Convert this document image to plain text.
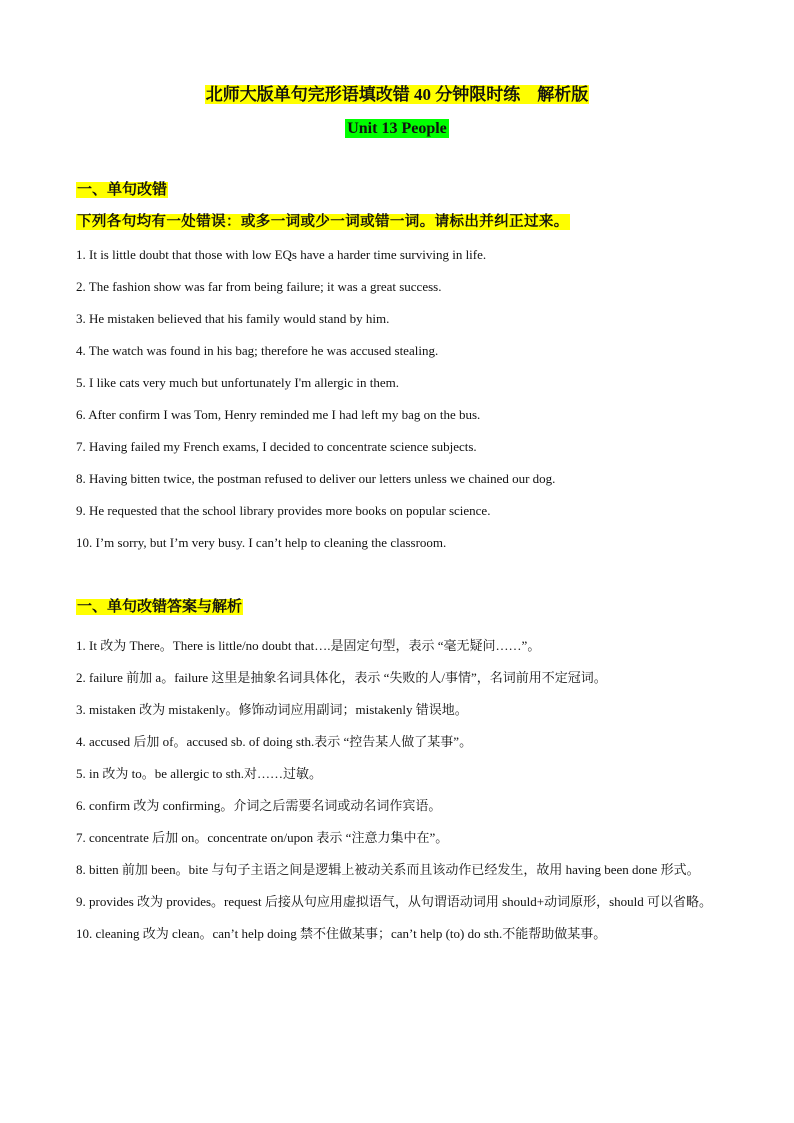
北师大版单句完形语填改错 40 分钟限时练　解析版
Unit 13 People
一、单句改错
下列各句均有一处错误：或多一词或少一词或错一词。请标出并纠正过来。
1. It is little doubt that those with low EQs have a harder time surviving in life.
2. The fashion show was far from being failure; it was a great success.
3. He mistaken believed that his family would stand by him.
4. The watch was found in his bag; therefore he was accused stealing.
5. I like cats very much but unfortunately I'm allergic in them.
6. After confirm I was Tom, Henry reminded me I had left my bag on the bus.
7. Having failed my French exams, I decided to concentrate science subjects.
8. Having bitten twice, the postman refused to deliver our letters unless we chained our dog.
9. He requested that the school library provides more books on popular science.
10. I’m sorry, but I’m very busy. I can’t help to cleaning the classroom.
一、单句改错答案与解析
1. It 改为 There。There is little/no doubt that….是固定句型，表示 “毫无疑问……”。
2. failure 前加 a。failure 这里是抽象名词具体化，表示 “失败的人/事情”，名词前用不定冠词。
3. mistaken 改为 mistakenly。修饰动词应用副词；mistakenly 错误地。
4. accused 后加 of。accused sb. of doing sth.表示 “控告某人做了某事”。
5. in 改为 to。be allergic to sth.对……过敏。
6. confirm 改为 confirming。介词之后需要名词或动名词作宾语。
7. concentrate 后加 on。concentrate on/upon 表示 “注意力集中在”。
8. bitten 前加 been。bite 与句子主语之间是逻辑上被动关系而且该动作已经发生，故用 having been done 形式。
9. provides 改为 provides。request 后接从句应用虚拟语气，从句谓语动词用 should+动词原形，should 可以省略。
10. cleaning 改为 clean。can’t help doing 禁不住做某事；can’t help (to) do sth.不能帮助做某事。
